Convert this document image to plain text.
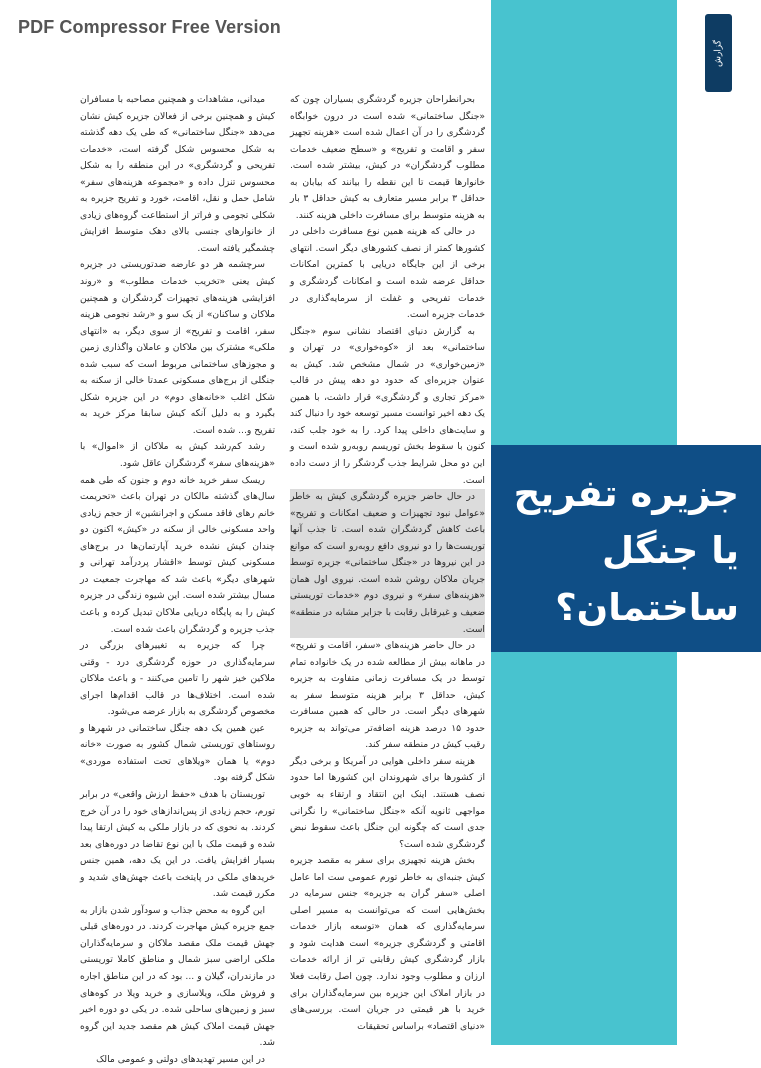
PDF Compressor Free Version
گزارش
جزیره تفریح
یا جنگل
ساختمان؟

بحرانطراحان جزیره گردشگری بسیاران چون که «جنگل ساختمانی» شده است در درون خوابگاه گردشگری را در آن اعمال شده است «هزینه تجهیز سفر و اقامت و تفریح» و «سطح ضعیف خدمات مطلوب گردشگران» در کیش، بیشتر شده است. خانوارها قیمت تا این نقطه را بیانند که بیابان به حداقل ۳ برابر مسیر متعارف به کیش حداقل ۳ بار به هزینه متوسط برای مسافرت داخلی هزینه کنند.

در حالی که هزینه همین نوع مسافرت داخلی در کشورها کمتر از نصف کشورهای دیگر است. انتهای برخی از این جایگاه دریایی با کمترین امکانات حداقل عرضه شده است و امکانات گردشگری و خدمات تفریحی و غفلت از سرمایه‌گذاری در خدمات جزیره است.

به گزارش دنیای اقتصاد نشانی سوم «جنگل ساختمانی» بعد از «کوه‌خواری» در تهران و «زمین‌خواری» در شمال مشخص شد. کیش به عنوان جزیره‌ای که حدود دو دهه پیش در قالب «مرکز تجاری و گردشگری» قرار داشت، با همین یک دهه اخیر توانست مسیر توسعه خود را دنبال کند و سایت‌های داخلی پیدا کرد. را به خود جلب کند، کنون با سقوط بخش توریسم روبه‌رو شده است و این دو محل شرایط جذب گردشگر را از دست داده است.

در حال حاضر جزیره گردشگری کیش به خاطر «عوامل نبود تجهیزات و ضعیف امکانات و تفریح» باعث کاهش گردشگران شده است. تا جذب آنها توریست‌ها را دو نیروی دافع روبه‌رو است که موانع در این نیروها در «جنگل ساختمانی» جزیره توسط جریان ملاکان روشن شده است. نیروی اول همان «هزینه‌های سفر» و نیروی دوم «خدمات توریستی ضعیف و غیرقابل رقابت با جزایر مشابه در منطقه» است.

در حال حاضر هزینه‌های «سفر، اقامت و تفریح» در ماهانه بیش از مطالعه شده در یک خانواده تمام توسط در یک مسافرت زمانی متفاوت به جزیره کیش، حداقل ۳ برابر هزینه متوسط سفر به شهرهای دیگر است. در حالی که همین مسافرت حدود ۱۵ درصد هزینه اضافه‌تر می‌تواند به جزیره رقیب کیش در منطقه سفر کند.

هزینه سفر داخلی هوایی در آمریکا و برخی دیگر از کشورها برای شهروندان این کشورها اما حدود نصف هستند. اینک این انتقاد و ارتقاء به خوبی مواجهی ثانویه آنکه «جنگل ساختمانی» را نگرانی جدی است که چگونه این جنگل باعث سقوط نبض گردشگری شده است؟

بخش هزینه تجهیزی برای سفر به مقصد جزیره کیش جنبه‌ای به خاطر تورم عمومی ست اما عامل اصلی «سفر گران به جزیره» جنس سرمایه در بخش‌هایی است که می‌توانست به مسیر اصلی سرمایه‌گذاری که همان «توسعه بازار خدمات اقامتی و گردشگری جزیره» است هدایت شود و بازار گردشگری کیش رقابتی تر از ارائه خدمات ارزان و مطلوب وجود ندارد. چون اصل رقابت فعلا در بازار املاک این جزیره بین سرمایه‌گذاران برای خرید با هر قیمتی در جریان است. بررسی‌های «دنیای اقتصاد» براساس تحقیقات

میدانی، مشاهدات و همچنین مصاحبه با مسافران کیش و همچنین برخی از فعالان جزیره کیش نشان می‌دهد «جنگل ساختمانی» که طی یک دهه گذشته به شکل محسوس شکل گرفته است، «خدمات تفریحی و گردشگری» در این منطقه را به شکل محسوس تنزل داده و «مجموعه هزینه‌های سفر» شامل حمل و نقل، اقامت، خورد و تفریح جزیره به شکلی تجومی و فراتر از استطاعت گروه‌های زیادی از خانوارهای جنسی بالای دهک متوسط افزایش چشمگیر یافته است.

سرچشمه هر دو عارضه ضدتوریستی در جزیره کیش یعنی «تخریب خدمات مطلوب» و «روند افزایشی هزینه‌های تجهیزات گردشگران و همچنین ملاکان و ساکنان» از یک سو و «رشد نجومی هزینه سفر، اقامت و تفریح» از سوی دیگر، به «انتهای ملکی» مشترک بین ملاکان و عاملان واگذاری زمین و مجوزهای ساختمانی مربوط است که سبب شده جنگلی از برج‌های مسکونی عمدتا خالی از سکنه به شکل اغلب «خانه‌های دوم» در این جزیره شکل بگیرد و به دلیل آنکه کیش سابقا مرکز خرید به تفریح و... شده است.

رشد کم‌رشد کیش به ملاکان از «اموال» با «هزینه‌های سفر» گردشگران عاقل شود.

ریسک سفر خرید خانه دوم و جنون که طی همه سال‌های گذشته مالکان در تهران باعث «تحریمت خانم رهای فاقد مسکن و اجرانشین» از حجم زیادی واحد مسکونی خالی از سکنه در «کیش» اکنون دو چندان کیش نشده خرید آپارتمان‌ها در برج‌های مسکونی کیش توسط «اقشار پردرآمد تهرانی و شهرهای دیگر» باعث شد که مهاجرت جمعیت در مسال بیشتر شده است. این شیوه زندگی در جزیره کیش را به پایگاه دریایی ملاکان تبدیل کرده و باعث جذب جزیره و گردشگران باعث شده است.

چرا که جزیره به تغییرهای بزرگی در سرمایه‌گذاری در حوزه گردشگری درد - وقتی ملاکین خیز شهر را تامین می‌کنند - و باعث ملاکان شده است. اختلاف‌ها در قالب اقدام‌ها اجرای مخصوص گردشگری به بازار عرضه می‌شود.

عین همین یک دهه جنگل ساختمانی در شهرها و روستاهای توریستی شمال کشور به صورت «خانه دوم» یا همان «ویلاهای تحت استفاده موردی» شکل گرفته بود.

توریستان با هدف «حفظ ارزش واقعی» در برابر تورم، حجم زیادی از پس‌اندازهای خود را در آن خرج کردند. به نحوی که در بازار ملکی به کیش ارتقا پیدا شده و قیمت ملک با این نوع تقاضا در دوره‌های بعد بسیار افزایش یافت. در این یک دهه، همین جنس خریدهای ملکی در پایتخت باعث جهش‌های شدید و مکرر قیمت شد.

این گروه به محض جذاب و سودآور شدن بازار به جمع جزیره کیش مهاجرت کردند. در دوره‌های قبلی جهش قیمت ملک مقصد ملاکان و سرمایه‌گذاران ملکی اراضی سبز شمال و مناطق کاملا توریستی در مازندران، گیلان و ... بود که در این مناطق اجاره و فروش ملک، ویلاسازی و خرید ویلا در کوه‌های سبز و زمین‌های ساحلی شده. در یکی دو دوره اخیر جهش قیمت املاک کیش هم مقصد جدید این گروه شد.

در این مسیر تهدیدهای دولتی و عمومی مالک
